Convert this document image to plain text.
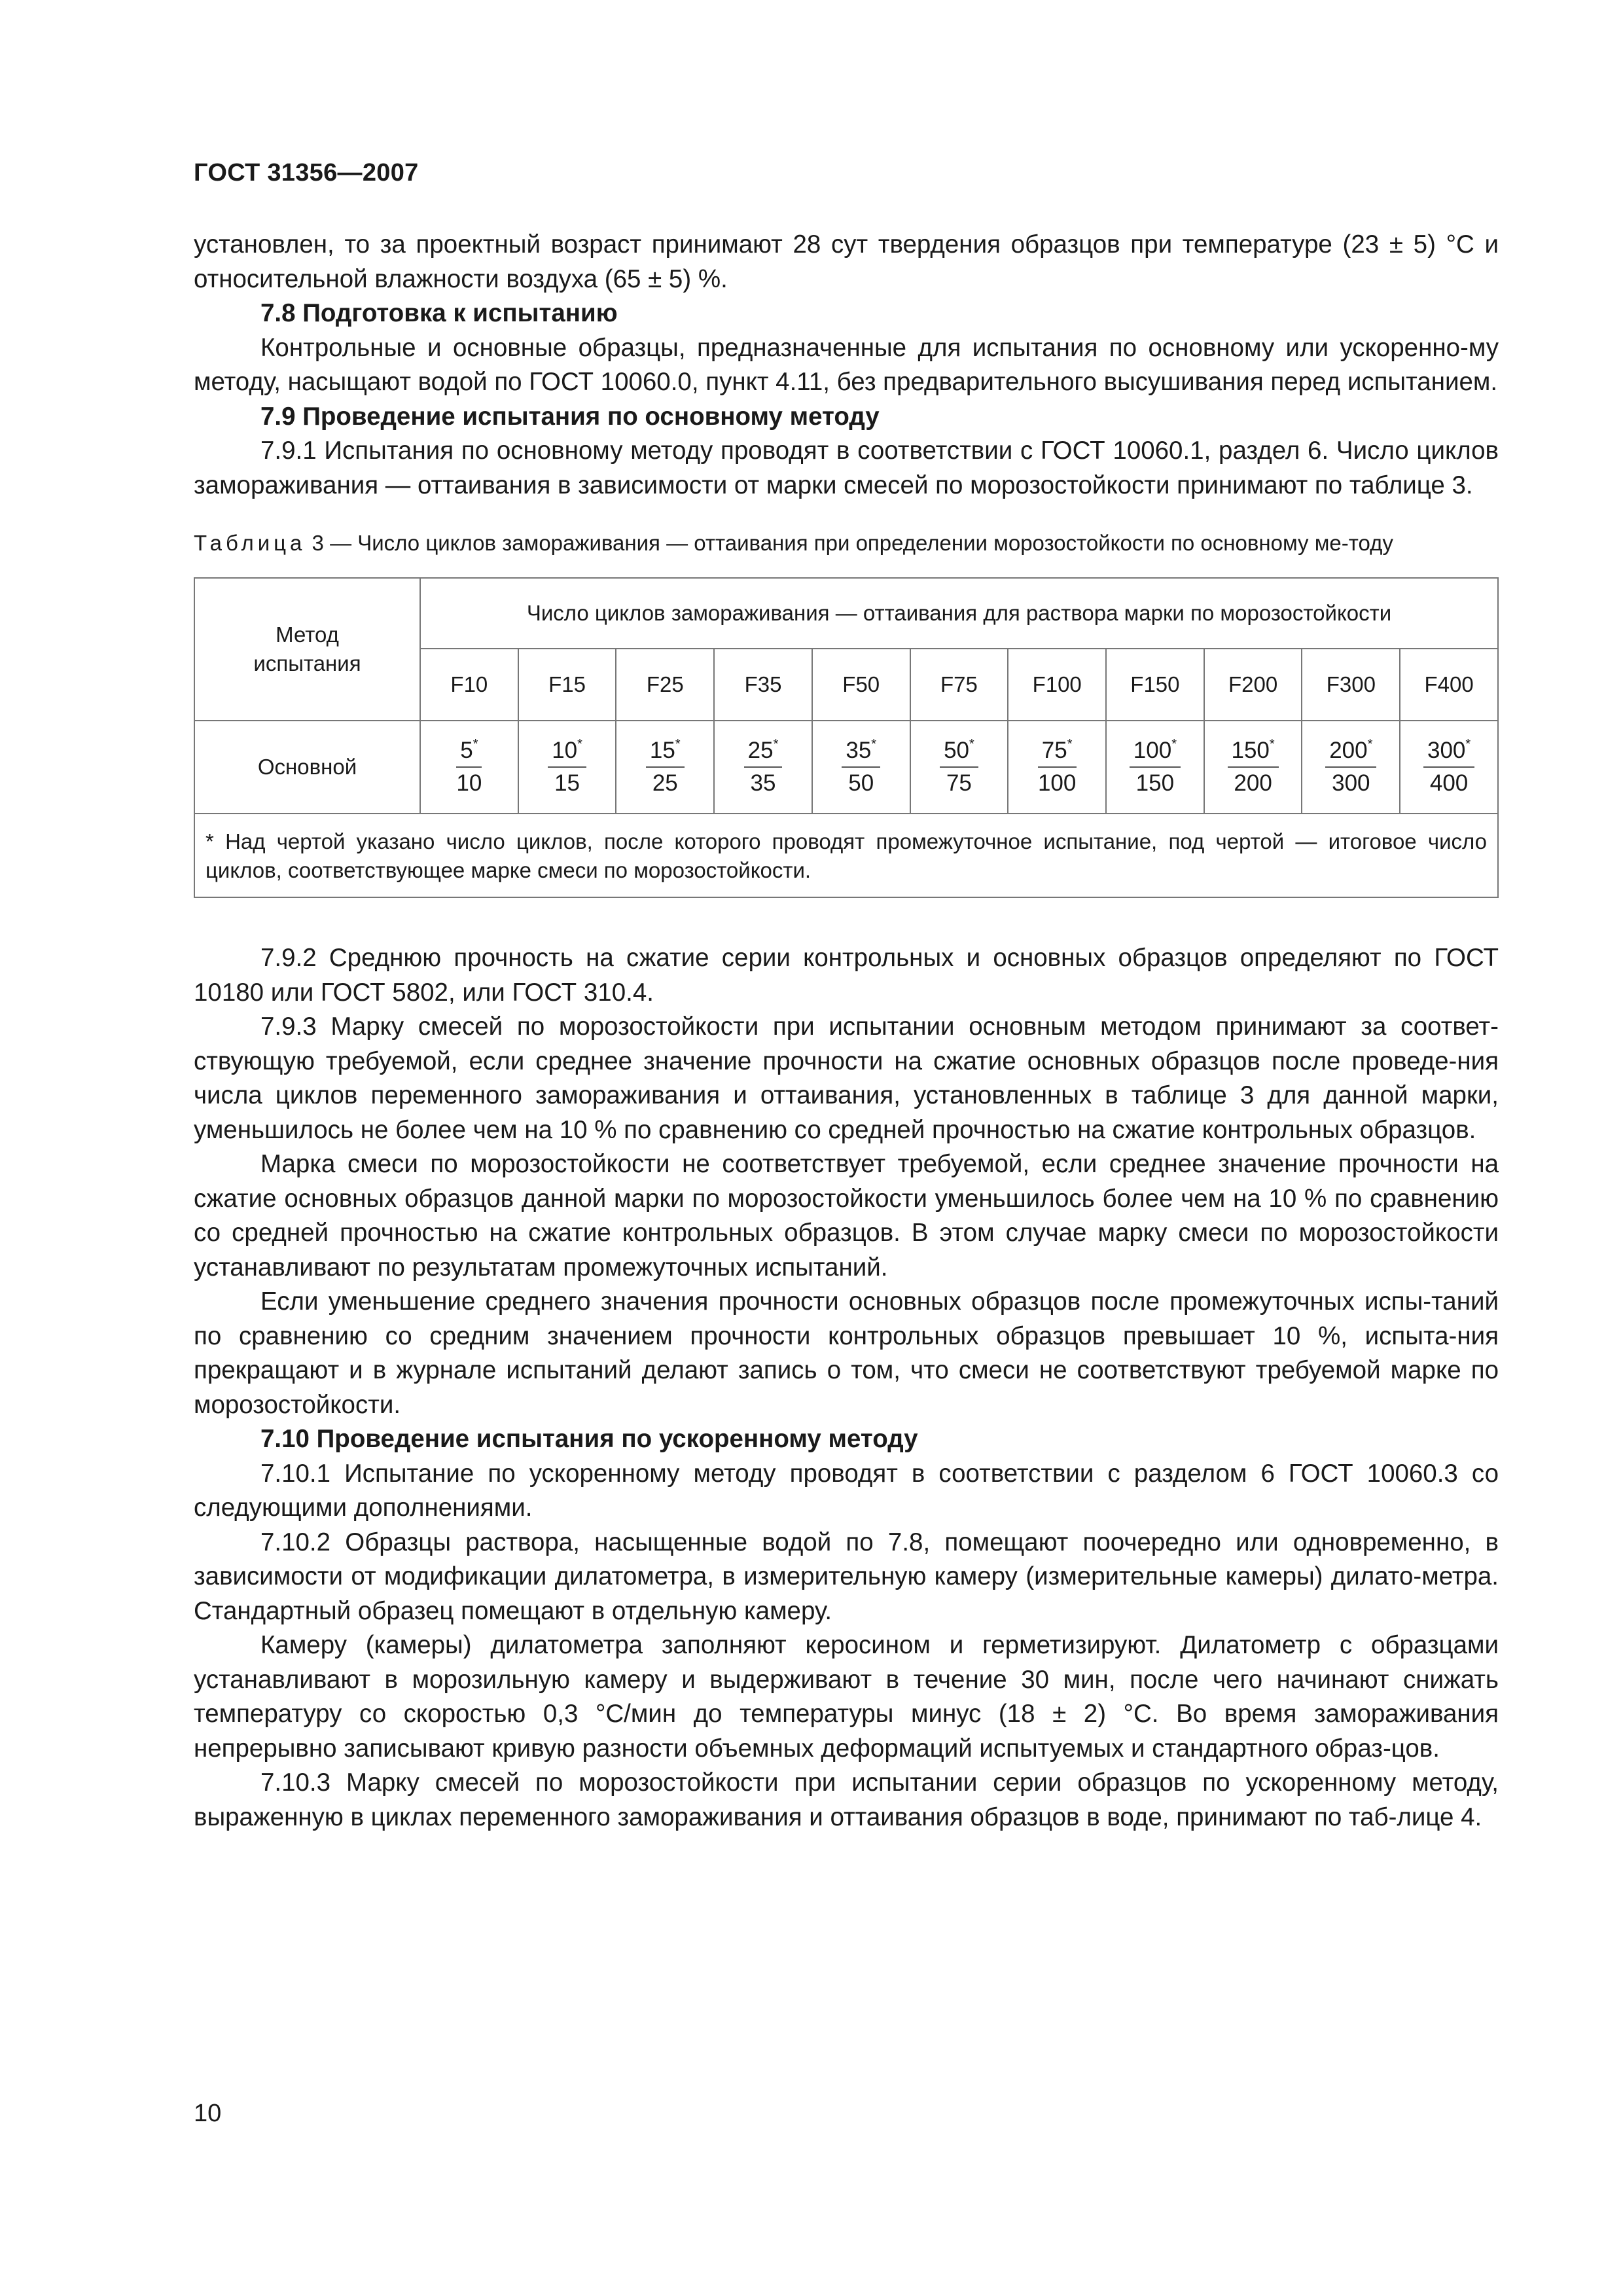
ГОСТ 31356—2007

установлен, то за проектный возраст принимают 28 сут твердения образцов при температуре (23 ± 5) °C и относительной влажности воздуха (65 ± 5) %.

7.8 Подготовка к испытанию

Контрольные и основные образцы, предназначенные для испытания по основному или ускоренно-му методу, насыщают водой по ГОСТ 10060.0, пункт 4.11, без предварительного высушивания перед испытанием.

7.9 Проведение испытания по основному методу

7.9.1 Испытания по основному методу проводят в соответствии с ГОСТ 10060.1, раздел 6. Число циклов замораживания — оттаивания в зависимости от марки смесей по морозостойкости принимают по таблице 3.

Таблица 3 — Число циклов замораживания — оттаивания при определении морозостойкости по основному ме-тоду

Метод испытания	Число циклов замораживания — оттаивания для раствора марки по морозостойкости										
	F10	F15	F25	F35	F50	F75	F100	F150	F200	F300	F400
Основной	$\frac{5^*}{10}$	$\frac{10^*}{15}$	$\frac{15^*}{25}$	$\frac{25^*}{35}$	$\frac{35^*}{50}$	$\frac{50^*}{75}$	$\frac{75^*}{100}$	$\frac{100^*}{150}$	$\frac{150^*}{200}$	$\frac{200^*}{300}$	$\frac{300^*}{400}$

* Над чертой указано число циклов, после которого проводят промежуточное испытание, под чертой — итоговое число циклов, соответствующее марке смеси по морозостойкости.											

7.9.2 Среднюю прочность на сжатие серии контрольных и основных образцов определяют по ГОСТ 10180 или ГОСТ 5802, или ГОСТ 310.4.

7.9.3 Марку смесей по морозостойкости при испытании основным методом принимают за соответ-ствующую требуемой, если среднее значение прочности на сжатие основных образцов после проведе-ния числа циклов переменного замораживания и оттаивания, установленных в таблице 3 для данной марки, уменьшилось не более чем на 10 % по сравнению со средней прочностью на сжатие контрольных образцов.

Марка смеси по морозостойкости не соответствует требуемой, если среднее значение прочности на сжатие основных образцов данной марки по морозостойкости уменьшилось более чем на 10 % по сравнению со средней прочностью на сжатие контрольных образцов. В этом случае марку смеси по морозостойкости устанавливают по результатам промежуточных испытаний.

Если уменьшение среднего значения прочности основных образцов после промежуточных испы-таний по сравнению со средним значением прочности контрольных образцов превышает 10 %, испыта-ния прекращают и в журнале испытаний делают запись о том, что смеси не соответствуют требуемой марке по морозостойкости.

7.10 Проведение испытания по ускоренному методу

7.10.1 Испытание по ускоренному методу проводят в соответствии с разделом 6 ГОСТ 10060.3 со следующими дополнениями.

7.10.2 Образцы раствора, насыщенные водой по 7.8, помещают поочередно или одновременно, в зависимости от модификации дилатометра, в измерительную камеру (измерительные камеры) дилато-метра. Стандартный образец помещают в отдельную камеру.

Камеру (камеры) дилатометра заполняют керосином и герметизируют. Дилатометр с образцами устанавливают в морозильную камеру и выдерживают в течение 30 мин, после чего начинают снижать температуру со скоростью 0,3 °С/мин до температуры минус (18 ± 2) °С. Во время замораживания непрерывно записывают кривую разности объемных деформаций испытуемых и стандартного образ-цов.

7.10.3 Марку смесей по морозостойкости при испытании серии образцов по ускоренному методу, выраженную в циклах переменного замораживания и оттаивания образцов в воде, принимают по таб-лице 4.

10
